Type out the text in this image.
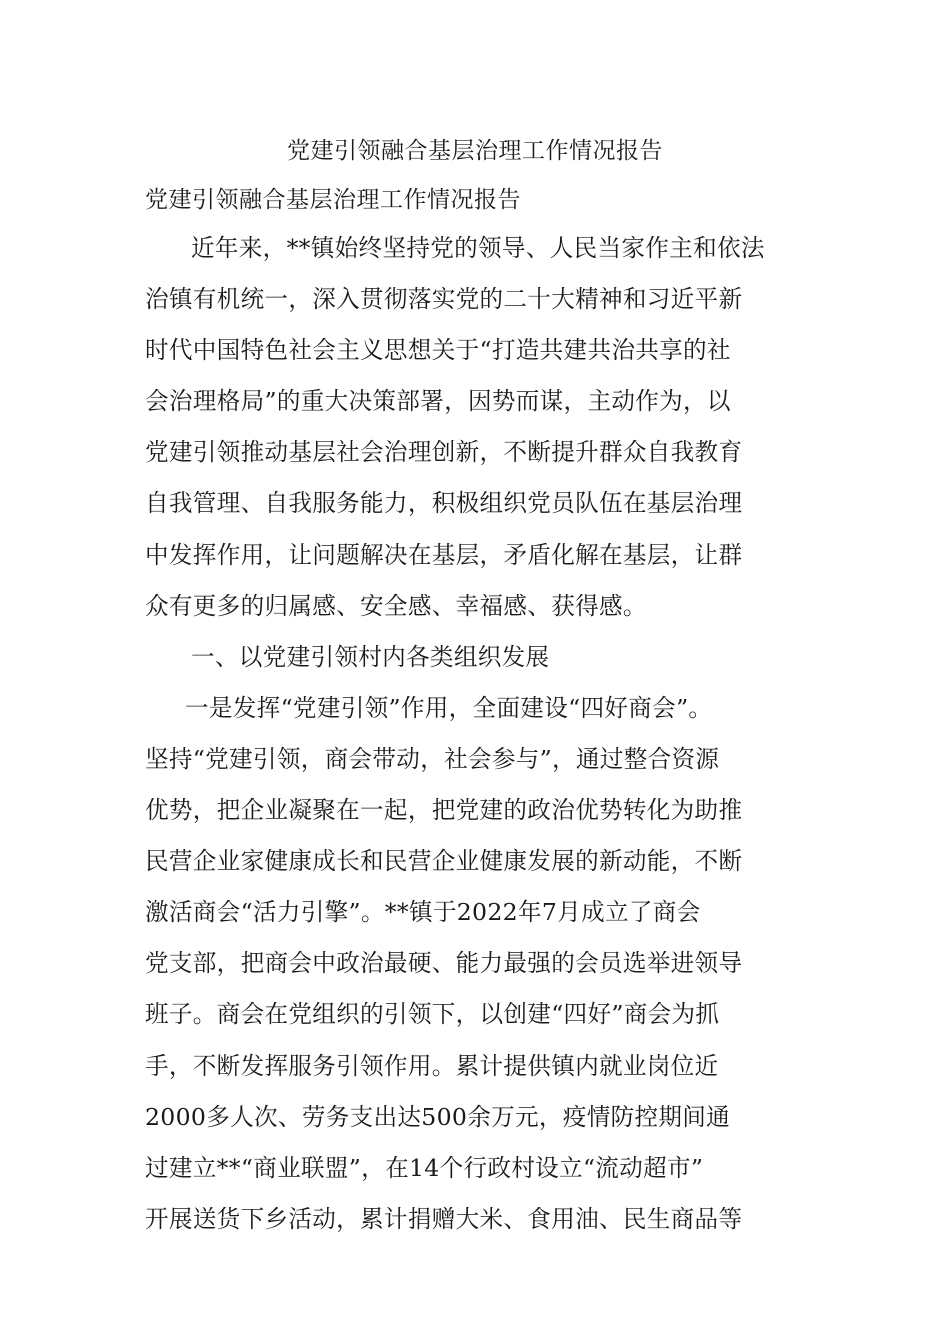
党建引领融合基层治理工作情况报告
党建引领融合基层治理工作情况报告
近年来，**镇始终坚持党的领导、人民当家作主和依法
治镇有机统一，深入贯彻落实党的二十大精神和习近平新
时代中国特色社会主义思想关于“打造共建共治共享的社
会治理格局”的重大决策部署，因势而谋，主动作为，以
党建引领推动基层社会治理创新，不断提升群众自我教育
自我管理、自我服务能力，积极组织党员队伍在基层治理
中发挥作用，让问题解决在基层，矛盾化解在基层，让群
众有更多的归属感、安全感、幸福感、获得感。
一、以党建引领村内各类组织发展
一是发挥“党建引领”作用，全面建设“四好商会”。
坚持“党建引领，商会带动，社会参与”，通过整合资源
优势，把企业凝聚在一起，把党建的政治优势转化为助推
民营企业家健康成长和民营企业健康发展的新动能，不断
激活商会“活力引擎”。**镇于2022年7月成立了商会
党支部，把商会中政治最硬、能力最强的会员选举进领导
班子。商会在党组织的引领下，以创建“四好”商会为抓
手，不断发挥服务引领作用。累计提供镇内就业岗位近
2000多人次、劳务支出达500余万元，疫情防控期间通
过建立**“商业联盟”，在14个行政村设立“流动超市”
开展送货下乡活动，累计捐赠大米、食用油、民生商品等
